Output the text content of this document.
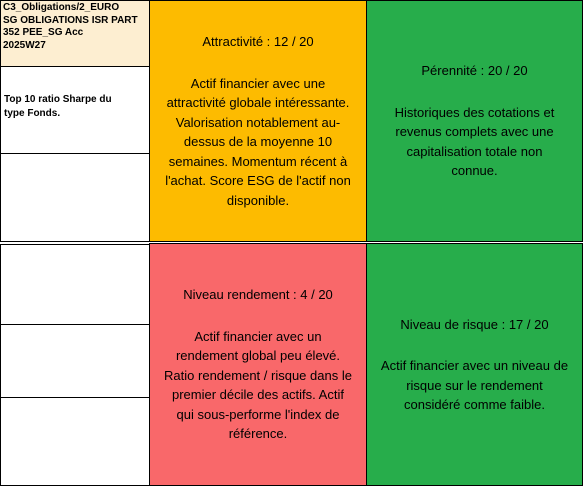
C3_Obligations/2_EURO
SG OBLIGATIONS ISR PART
352 PEE_SG Acc
2025W27
Top 10 ratio Sharpe du
type Fonds.
Attractivité : 12 / 20
Actif financier avec une
attractivité globale intéressante.
Valorisation notablement au-
dessus de la moyenne 10
semaines. Momentum récent à
l'achat. Score ESG de l'actif non
disponible.
Pérennité : 20 / 20
Historiques des cotations et
revenus complets avec une
capitalisation totale non
connue.
Niveau rendement : 4 / 20
Actif financier avec un
rendement global peu élevé.
Ratio rendement / risque dans le
premier décile des actifs. Actif
qui sous-performe l'index de
référence.
Niveau de risque : 17 / 20
Actif financier avec un niveau de
risque sur le rendement
considéré comme faible.
